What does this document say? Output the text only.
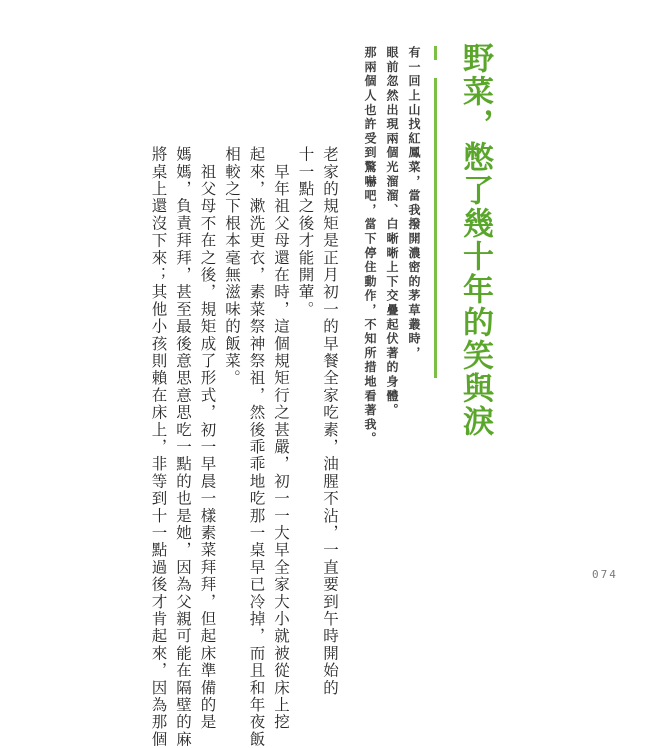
野菜，憋了幾十年的笑與淚
有一回上山找紅鳳菜，當我撥開濃密的茅草叢時，
眼前忽然出現兩個光溜溜、白晰晰上下交疊起伏著的身體。
那兩個人也許受到驚嚇吧，當下停住動作，不知所措地看著我。
老家的規矩是正月初一的早餐全家吃素，油腥不沾，一直要到午時開始的
十一點之後才能開葷。
　早年祖父母還在時，這個規矩行之甚嚴，初一一大早全家大小就被從床上挖
起來，漱洗更衣，素菜祭神祭祖，然後乖乖地吃那一桌早已冷掉，而且和年夜飯
相較之下根本毫無滋味的飯菜。
　祖父母不在之後，規矩成了形式，初一早晨一樣素菜拜拜，但起床準備的是
媽媽，負責拜拜，甚至最後意思意思吃一點的也是她，因為父親可能在隔壁的麻
將桌上還沒下來；其他小孩則賴在床上，非等到十一點過後才肯起來，因為那個	074
